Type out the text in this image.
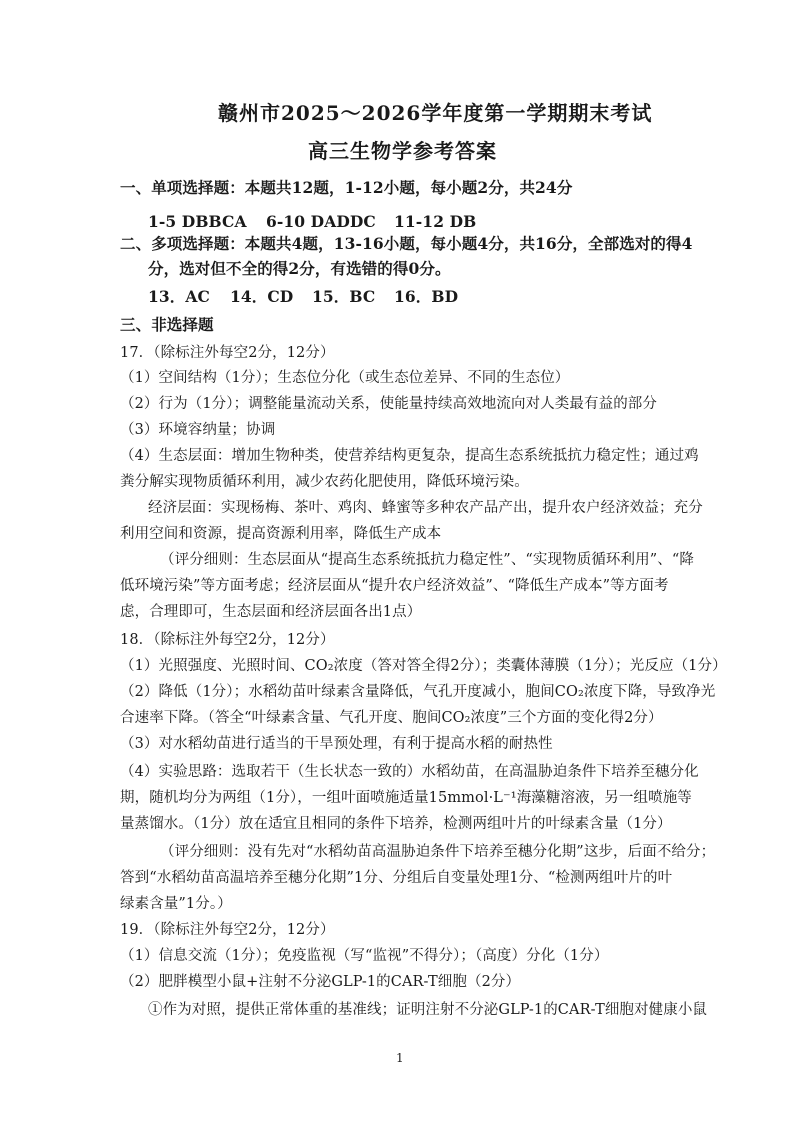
赣州市2025～2026学年度第一学期期末考试
高三生物学参考答案
一、单项选择题：本题共12题，1-12小题，每小题2分，共24分
1-5 DBBCA 6-10 DADDC 11-12 DB
二、多项选择题：本题共4题，13-16小题，每小题4分，共16分，全部选对的得4
分，选对但不全的得2分，有选错的得0分。
13．AC 14．CD 15．BC 16．BD
三、非选择题
17．（除标注外每空2分，12分）
（1）空间结构（1分）；生态位分化（或生态位差异、不同的生态位）
（2）行为（1分）；调整能量流动关系，使能量持续高效地流向对人类最有益的部分
（3）环境容纳量；协调
（4）生态层面：增加生物种类，使营养结构更复杂，提高生态系统抵抗力稳定性；通过鸡
粪分解实现物质循环利用，减少农药化肥使用，降低环境污染。
经济层面：实现杨梅、茶叶、鸡肉、蜂蜜等多种农产品产出，提升农户经济效益；充分
利用空间和资源，提高资源利用率，降低生产成本
（评分细则：生态层面从“提高生态系统抵抗力稳定性”、“实现物质循环利用”、“降
低环境污染”等方面考虑；经济层面从“提升农户经济效益”、“降低生产成本”等方面考
虑，合理即可，生态层面和经济层面各出1点）
18．（除标注外每空2分，12分）
（1）光照强度、光照时间、CO₂浓度（答对答全得2分）；类囊体薄膜（1分）；光反应（1分）
（2）降低（1分）；水稻幼苗叶绿素含量降低，气孔开度减小，胞间CO₂浓度下降，导致净光
合速率下降。（答全“叶绿素含量、气孔开度、胞间CO₂浓度”三个方面的变化得2分）
（3）对水稻幼苗进行适当的干旱预处理，有利于提高水稻的耐热性
（4）实验思路：选取若干（生长状态一致的）水稻幼苗，在高温胁迫条件下培养至穗分化
期，随机均分为两组（1分），一组叶面喷施适量15mmol·L⁻¹海藻糖溶液，另一组喷施等
量蒸馏水。（1分）放在适宜且相同的条件下培养，检测两组叶片的叶绿素含量（1分）
（评分细则：没有先对“水稻幼苗高温胁迫条件下培养至穗分化期”这步，后面不给分；
答到“水稻幼苗高温培养至穗分化期”1分、分组后自变量处理1分、“检测两组叶片的叶
绿素含量”1分。）
19．（除标注外每空2分，12分）
（1）信息交流（1分）；免疫监视（写“监视”不得分）；（高度）分化（1分）
（2）肥胖模型小鼠+注射不分泌GLP-1的CAR-T细胞（2分）
①作为对照，提供正常体重的基准线；证明注射不分泌GLP-1的CAR-T细胞对健康小鼠
1
